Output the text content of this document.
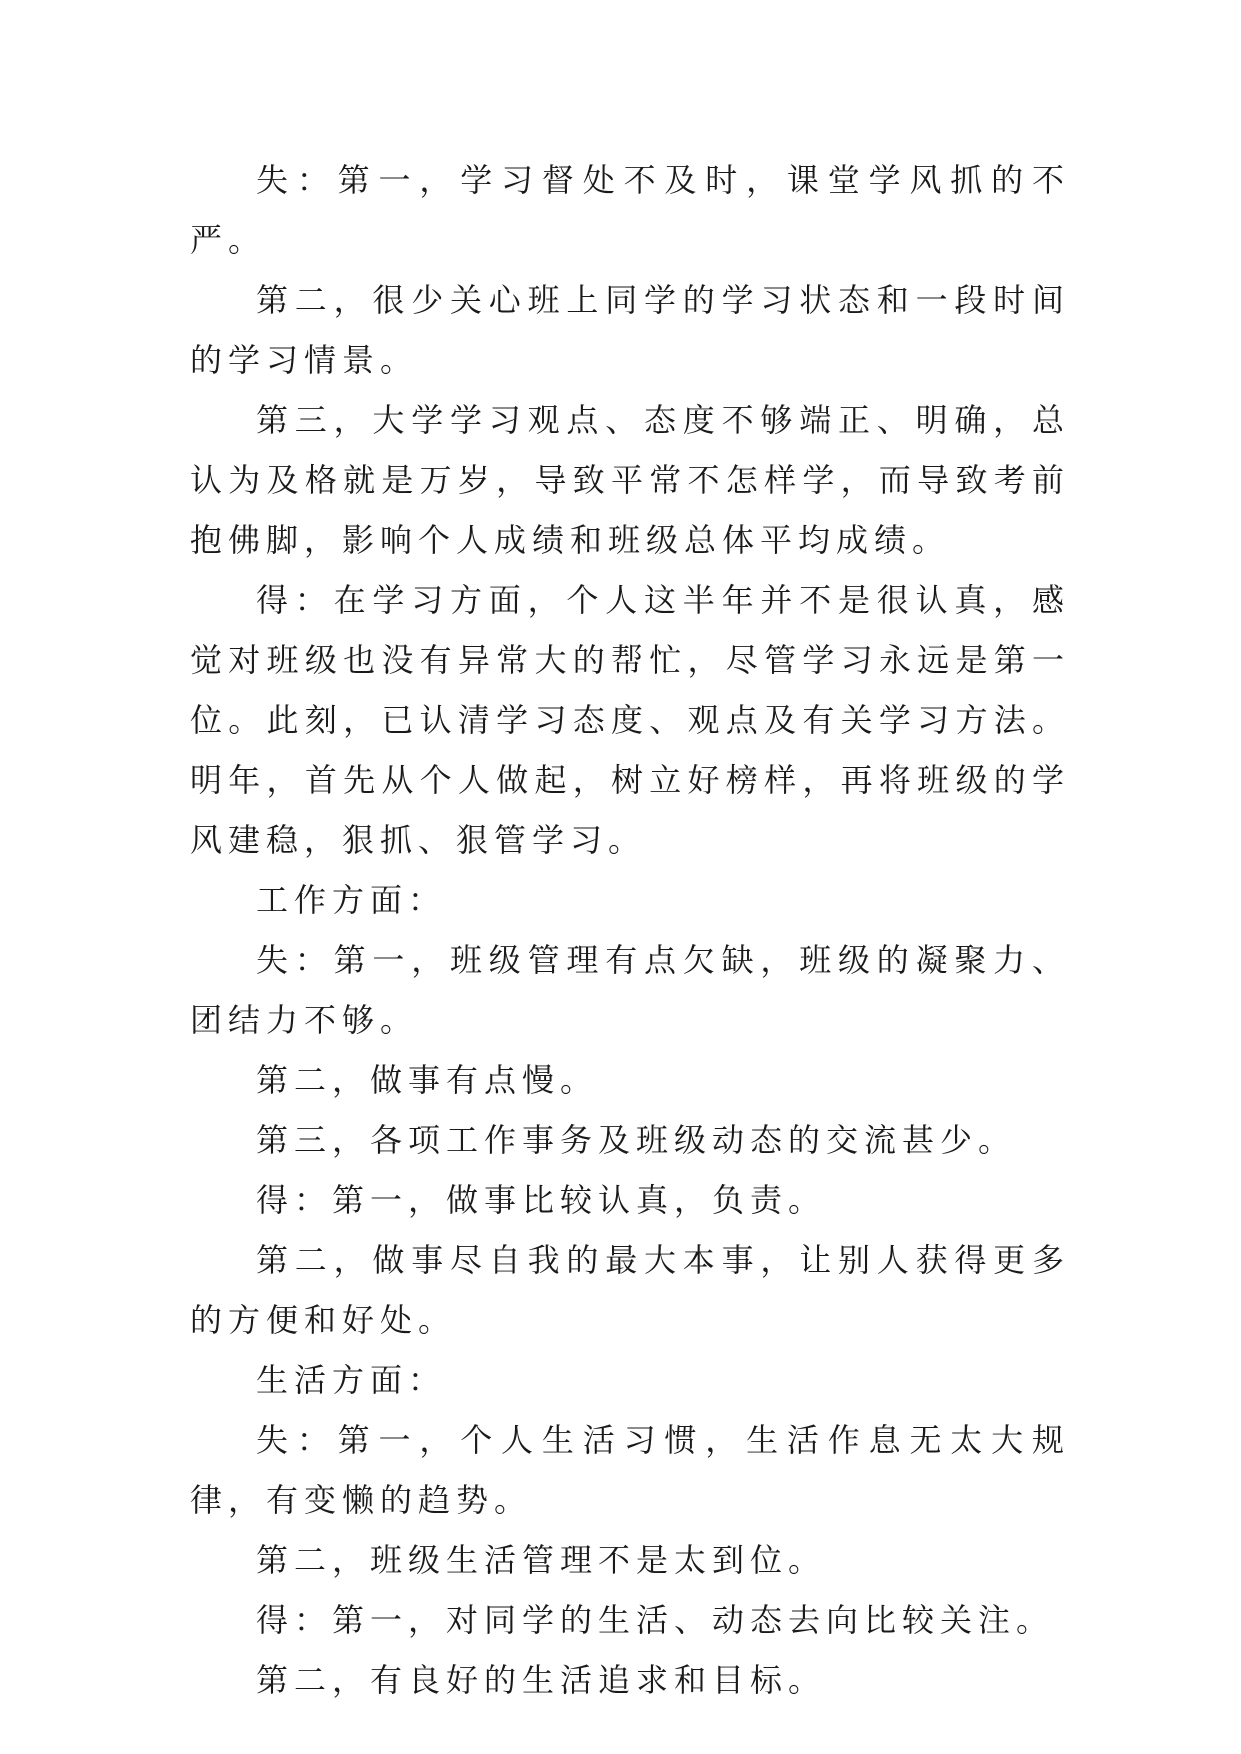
失：第一，学习督处不及时，课堂学风抓的不严。

第二，很少关心班上同学的学习状态和一段时间的学习情景。

第三，大学学习观点、态度不够端正、明确，总认为及格就是万岁，导致平常不怎样学，而导致考前抱佛脚，影响个人成绩和班级总体平均成绩。

得：在学习方面，个人这半年并不是很认真，感觉对班级也没有异常大的帮忙，尽管学习永远是第一位。此刻，已认清学习态度、观点及有关学习方法。明年，首先从个人做起，树立好榜样，再将班级的学风建稳，狠抓、狠管学习。

工作方面：

失：第一，班级管理有点欠缺，班级的凝聚力、团结力不够。

第二，做事有点慢。

第三，各项工作事务及班级动态的交流甚少。

得：第一，做事比较认真，负责。

第二，做事尽自我的最大本事，让别人获得更多的方便和好处。

生活方面：

失：第一，个人生活习惯，生活作息无太大规律，有变懒的趋势。

第二，班级生活管理不是太到位。

得：第一，对同学的生活、动态去向比较关注。

第二，有良好的生活追求和目标。
